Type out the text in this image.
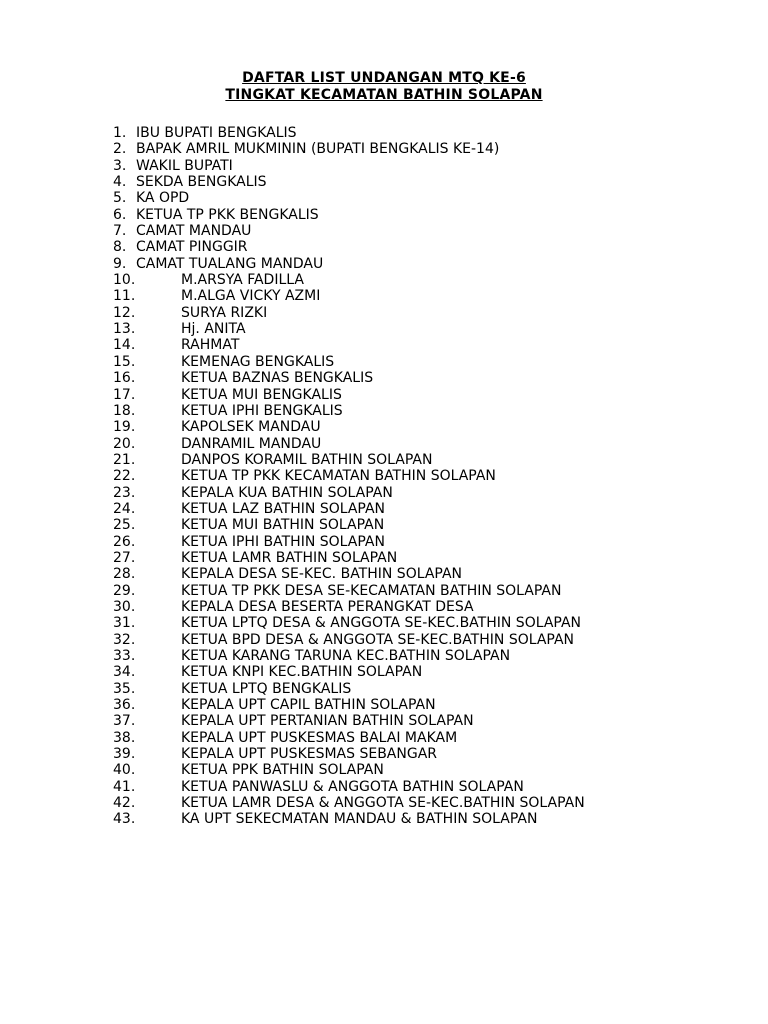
DAFTAR LIST UNDANGAN MTQ KE-6
TINGKAT KECAMATAN BATHIN SOLAPAN
1. IBU BUPATI BENGKALIS
2. BAPAK AMRIL MUKMININ (BUPATI BENGKALIS KE-14)
3. WAKIL BUPATI
4. SEKDA BENGKALIS
5. KA OPD
6. KETUA TP PKK BENGKALIS
7. CAMAT MANDAU
8. CAMAT PINGGIR
9. CAMAT TUALANG MANDAU
10.	M.ARSYA FADILLA
11.	M.ALGA VICKY AZMI
12.	SURYA RIZKI
13.	Hj. ANITA
14.	RAHMAT
15.	KEMENAG BENGKALIS
16.	KETUA BAZNAS BENGKALIS
17.	KETUA MUI BENGKALIS
18.	KETUA IPHI BENGKALIS
19.	KAPOLSEK MANDAU
20.	DANRAMIL MANDAU
21.	DANPOS KORAMIL BATHIN SOLAPAN
22.	KETUA TP PKK KECAMATAN BATHIN SOLAPAN
23.	KEPALA KUA BATHIN SOLAPAN
24.	KETUA LAZ BATHIN SOLAPAN
25.	KETUA MUI BATHIN SOLAPAN
26.	KETUA IPHI BATHIN SOLAPAN
27.	KETUA LAMR BATHIN SOLAPAN
28.	KEPALA DESA SE-KEC. BATHIN SOLAPAN
29.	KETUA TP PKK DESA SE-KECAMATAN BATHIN SOLAPAN
30.	KEPALA DESA BESERTA PERANGKAT DESA
31.	KETUA LPTQ DESA & ANGGOTA SE-KEC.BATHIN SOLAPAN
32.	KETUA BPD DESA & ANGGOTA SE-KEC.BATHIN SOLAPAN
33.	KETUA KARANG TARUNA KEC.BATHIN SOLAPAN
34.	KETUA KNPI KEC.BATHIN SOLAPAN
35.	KETUA LPTQ BENGKALIS
36.	KEPALA UPT CAPIL BATHIN SOLAPAN
37.	KEPALA UPT PERTANIAN BATHIN SOLAPAN
38.	KEPALA UPT PUSKESMAS BALAI MAKAM
39.	KEPALA UPT PUSKESMAS SEBANGAR
40.	KETUA PPK BATHIN SOLAPAN
41.	KETUA PANWASLU & ANGGOTA BATHIN SOLAPAN
42.	KETUA LAMR DESA & ANGGOTA SE-KEC.BATHIN SOLAPAN
43.	KA UPT SEKECMATAN MANDAU & BATHIN SOLAPAN
